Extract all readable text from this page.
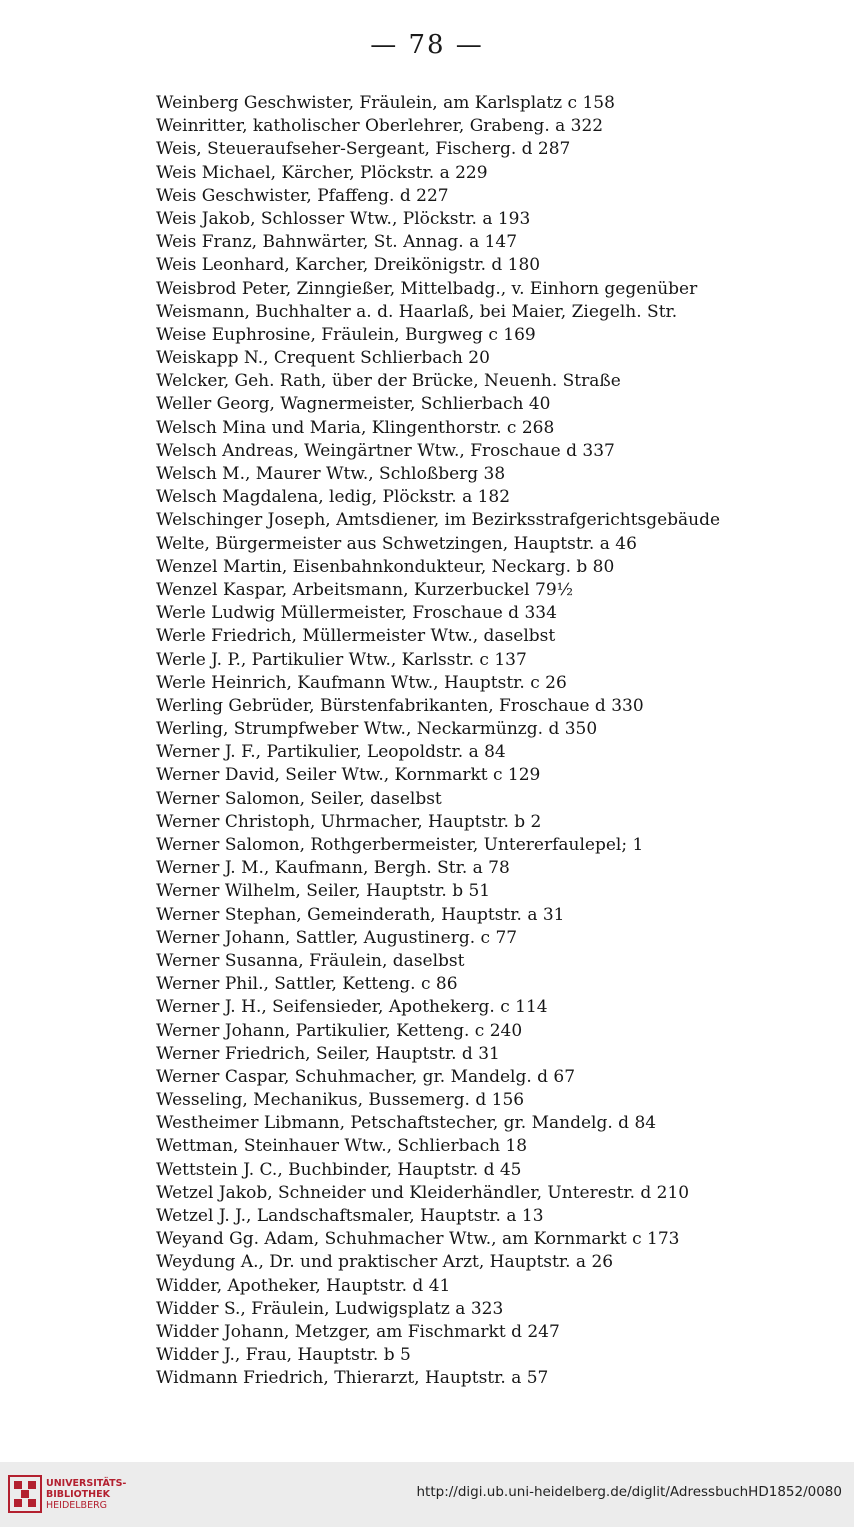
— 78 —
Weinberg Geschwister, Fräulein, am Karlsplatz c 158
Weinritter, katholischer Oberlehrer, Grabeng. a 322
Weis, Steueraufseher-Sergeant, Fischerg. d 287
Weis Michael, Kärcher, Plöckstr. a 229
Weis Geschwister, Pfaffeng. d 227
Weis Jakob, Schlosser Wtw., Plöckstr. a 193
Weis Franz, Bahnwärter, St. Annag. a 147
Weis Leonhard, Karcher, Dreikönigstr. d 180
Weisbrod Peter, Zinngießer, Mittelbadg., v. Einhorn gegenüber
Weismann, Buchhalter a. d. Haarlaß, bei Maier, Ziegelh. Str.
Weise Euphrosine, Fräulein, Burgweg c 169
Weiskapp N., Crequent Schlierbach 20
Welcker, Geh. Rath, über der Brücke, Neuenh. Straße
Weller Georg, Wagnermeister, Schlierbach 40
Welsch Mina und Maria, Klingenthorstr. c 268
Welsch Andreas, Weingärtner Wtw., Froschaue d 337
Welsch M., Maurer Wtw., Schloßberg 38
Welsch Magdalena, ledig, Plöckstr. a 182
Welschinger Joseph, Amtsdiener, im Bezirksstrafgerichtsgebäude
Welte, Bürgermeister aus Schwetzingen, Hauptstr. a 46
Wenzel Martin, Eisenbahnkondukteur, Neckarg. b 80
Wenzel Kaspar, Arbeitsmann, Kurzerbuckel 79½
Werle Ludwig Müllermeister, Froschaue d 334
Werle Friedrich, Müllermeister Wtw., daselbst
Werle J. P., Partikulier Wtw., Karlsstr. c 137
Werle Heinrich, Kaufmann Wtw., Hauptstr. c 26
Werling Gebrüder, Bürstenfabrikanten, Froschaue d 330
Werling, Strumpfweber Wtw., Neckarmünzg. d 350
Werner J. F., Partikulier, Leopoldstr. a 84
Werner David, Seiler Wtw., Kornmarkt c 129
Werner Salomon, Seiler, daselbst
Werner Christoph, Uhrmacher, Hauptstr. b 2
Werner Salomon, Rothgerbermeister, Untererfaulepel; 1
Werner J. M., Kaufmann, Bergh. Str. a 78
Werner Wilhelm, Seiler, Hauptstr. b 51
Werner Stephan, Gemeinderath, Hauptstr. a 31
Werner Johann, Sattler, Augustinerg. c 77
Werner Susanna, Fräulein, daselbst
Werner Phil., Sattler, Ketteng. c 86
Werner J. H., Seifensieder, Apothekerg. c 114
Werner Johann, Partikulier, Ketteng. c 240
Werner Friedrich, Seiler, Hauptstr. d 31
Werner Caspar, Schuhmacher, gr. Mandelg. d 67
Wesseling, Mechanikus, Bussemerg. d 156
Westheimer Libmann, Petschaftstecher, gr. Mandelg. d 84
Wettman, Steinhauer Wtw., Schlierbach 18
Wettstein J. C., Buchbinder, Hauptstr. d 45
Wetzel Jakob, Schneider und Kleiderhändler, Unterestr. d 210
Wetzel J. J., Landschaftsmaler, Hauptstr. a 13
Weyand Gg. Adam, Schuhmacher Wtw., am Kornmarkt c 173
Weydung A., Dr. und praktischer Arzt, Hauptstr. a 26
Widder, Apotheker, Hauptstr. d 41
Widder S., Fräulein, Ludwigsplatz a 323
Widder Johann, Metzger, am Fischmarkt d 247
Widder J., Frau, Hauptstr. b 5
Widmann Friedrich, Thierarzt, Hauptstr. a 57
UNIVERSITÄTS-
BIBLIOTHEK
HEIDELBERG
http://digi.ub.uni-heidelberg.de/diglit/AdressbuchHD1852/0080
